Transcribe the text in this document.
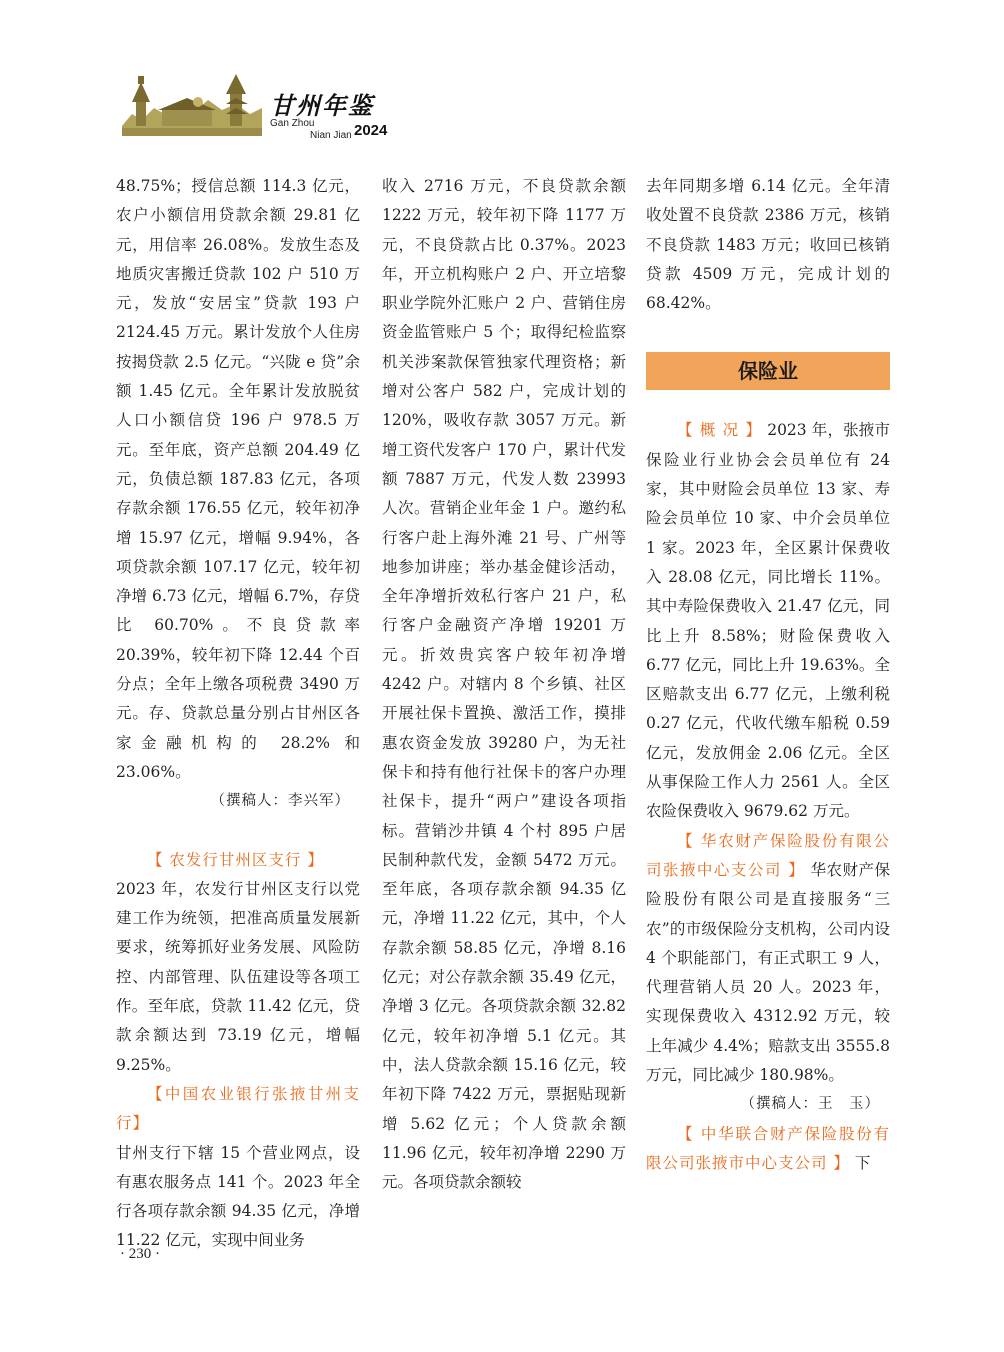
甘州年鉴
Gan Zhou
Nian Jian 2024

48.75%；授信总额 114.3 亿元，农户小额信用贷款余额 29.81 亿元，用信率 26.08%。发放生态及地质灾害搬迁贷款 102 户 510 万元，发放“安居宝”贷款 193 户 2124.45 万元。累计发放个人住房按揭贷款 2.5 亿元。“兴陇 e 贷”余额 1.45 亿元。全年累计发放脱贫人口小额信贷 196 户 978.5 万元。至年底，资产总额 204.49 亿元，负债总额 187.83 亿元，各项存款余额 176.55 亿元，较年初净增 15.97 亿元，增幅 9.94%，各项贷款余额 107.17 亿元，较年初净增 6.73 亿元，增幅 6.7%，存贷比 60.70%。不良贷款率 20.39%，较年初下降 12.44 个百分点；全年上缴各项税费 3490 万元。存、贷款总量分别占甘州区各家金融机构的 28.2% 和 23.06%。

（撰稿人：李兴军）

【 农发行甘州区支行 】
2023 年，农发行甘州区支行以党建工作为统领，把准高质量发展新要求，统筹抓好业务发展、风险防控、内部管理、队伍建设等各项工作。至年底，贷款 11.42 亿元，贷款余额达到 73.19 亿元，增幅 9.25%。

【中国农业银行张掖甘州支行】
甘州支行下辖 15 个营业网点，设有惠农服务点 141 个。2023 年全行各项存款余额 94.35 亿元，净增 11.22 亿元，实现中间业务

收入 2716 万元，不良贷款余额 1222 万元，较年初下降 1177 万元，不良贷款占比 0.37%。2023 年，开立机构账户 2 户、开立培黎职业学院外汇账户 2 户、营销住房资金监管账户 5 个；取得纪检监察机关涉案款保管独家代理资格；新增对公客户 582 户，完成计划的 120%，吸收存款 3057 万元。新增工资代发客户 170 户，累计代发额 7887 万元，代发人数 23993 人次。营销企业年金 1 户。邀约私行客户赴上海外滩 21 号、广州等地参加讲座；举办基金健诊活动，全年净增折效私行客户 21 户，私行客户金融资产净增 19201 万元。折效贵宾客户较年初净增 4242 户。对辖内 8 个乡镇、社区开展社保卡置换、激活工作，摸排惠农资金发放 39280 户，为无社保卡和持有他行社保卡的客户办理社保卡，提升“两户”建设各项指标。营销沙井镇 4 个村 895 户居民制种款代发，金额 5472 万元。至年底，各项存款余额 94.35 亿元，净增 11.22 亿元，其中，个人存款余额 58.85 亿元，净增 8.16 亿元；对公存款余额 35.49 亿元，净增 3 亿元。各项贷款余额 32.82 亿元，较年初净增 5.1 亿元。其中，法人贷款余额 15.16 亿元，较年初下降 7422 万元，票据贴现新增 5.62 亿元；个人贷款余额 11.96 亿元，较年初净增 2290 万元。各项贷款余额较

去年同期多增 6.14 亿元。全年清收处置不良贷款 2386 万元，核销不良贷款 1483 万元；收回已核销贷款 4509 万元，完成计划的 68.42%。

保险业

【 概 况 】 2023 年，张掖市保险业行业协会会员单位有 24 家，其中财险会员单位 13 家、寿险会员单位 10 家、中介会员单位 1 家。2023 年，全区累计保费收入 28.08 亿元，同比增长 11%。其中寿险保费收入 21.47 亿元，同比上升 8.58%；财险保费收入 6.77 亿元，同比上升 19.63%。全区赔款支出 6.77 亿元，上缴利税 0.27 亿元，代收代缴车船税 0.59 亿元，发放佣金 2.06 亿元。全区从事保险工作人力 2561 人。全区农险保费收入 9679.62 万元。

【 华农财产保险股份有限公司张掖中心支公司 】 华农财产保险股份有限公司是直接服务“三农”的市级保险分支机构，公司内设 4 个职能部门，有正式职工 9 人，代理营销人员 20 人。2023 年，实现保费收入 4312.92 万元，较上年减少 4.4%；赔款支出 3555.8 万元，同比减少 180.98%。

（撰稿人：王　玉）

【 中华联合财产保险股份有限公司张掖市中心支公司 】 下

· 230 ·
